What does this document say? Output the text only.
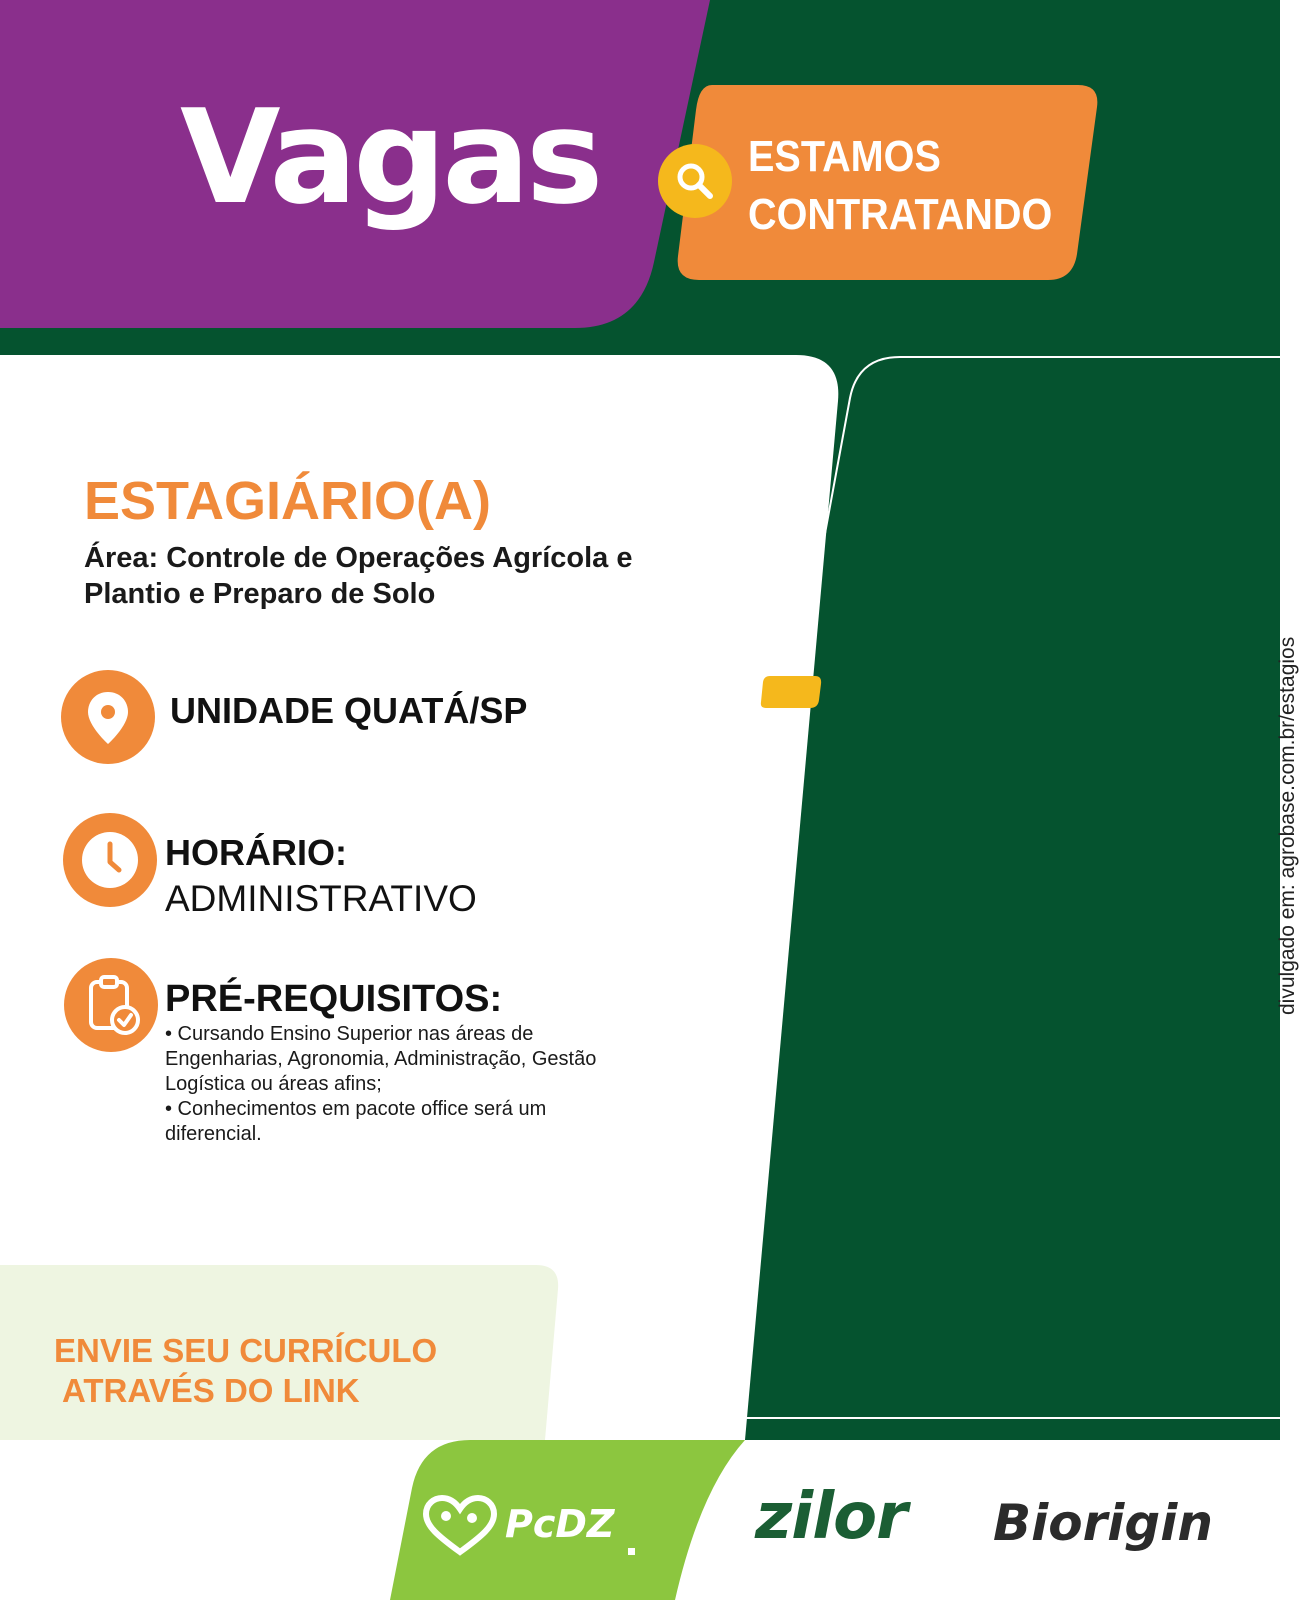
Vagas	ESTAMOS
CONTRATANDO
ESTAGIÁRIO(A)
Área: Controle de Operações Agrícola e
Plantio e Preparo de Solo
UNIDADE QUATÁ/SP
HORÁRIO:
ADMINISTRATIVO
PRÉ-REQUISITOS:
• Cursando Ensino Superior nas áreas de Engenharias, Agronomia, Administração, Gestão Logística ou áreas afins;
• Conhecimentos em pacote office será um diferencial.
ENVIE SEU CURRÍCULO
ATRAVÉS DO LINK
PcDZ zilor Biorigin
divulgado em: agrobase.com.br/estagios
